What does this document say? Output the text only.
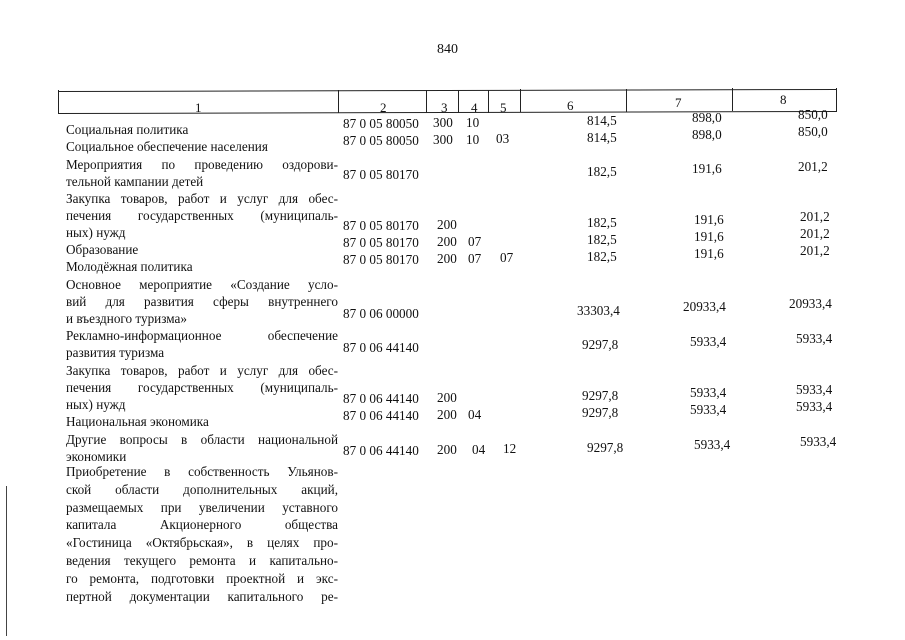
840
1	2	3 4 5	6	7	8
Социальная политика	87 0 05 80050 300 10	814,5	898,0	850,0
Социальное обеспечение населения	87 0 05 80050 300 10 03	814,5	898,0	850,0
Мероприятия по проведению оздорови-
тельной кампании детей	87 0 05 80170	182,5	191,6	201,2
Закупка товаров, работ и услуг для обес-
печения государственных (муниципаль-
ных) нужд	87 0 05 80170 200	182,5	191,6	201,2
Образование	87 0 05 80170 200 07	182,5	191,6	201,2
Молодёжная политика	87 0 05 80170 200 07 07	182,5	191,6	201,2
Основное мероприятие «Создание усло-
вий для развития сферы внутреннего
и въездного туризма»	87 0 06 00000	33303,4	20933,4	20933,4
Рекламно-информационное обеспечение
развития туризма	87 0 06 44140	9297,8	5933,4	5933,4
Закупка товаров, работ и услуг для обес-
печения государственных (муниципаль-
ных) нужд	87 0 06 44140 200	9297,8	5933,4	5933,4
Национальная экономика	87 0 06 44140 200 04	9297,8	5933,4	5933,4
Другие вопросы в области национальной
экономики	87 0 06 44140 200 04 12	9297,8	5933,4	5933,4
Приобретение в собственность Ульянов-
ской области дополнительных акций,
размещаемых при увеличении уставного
капитала Акционерного общества
«Гостиница «Октябрьская», в целях про-
ведения текущего ремонта и капитально-
го ремонта, подготовки проектной и экс-
пертной документации капитального ре-
